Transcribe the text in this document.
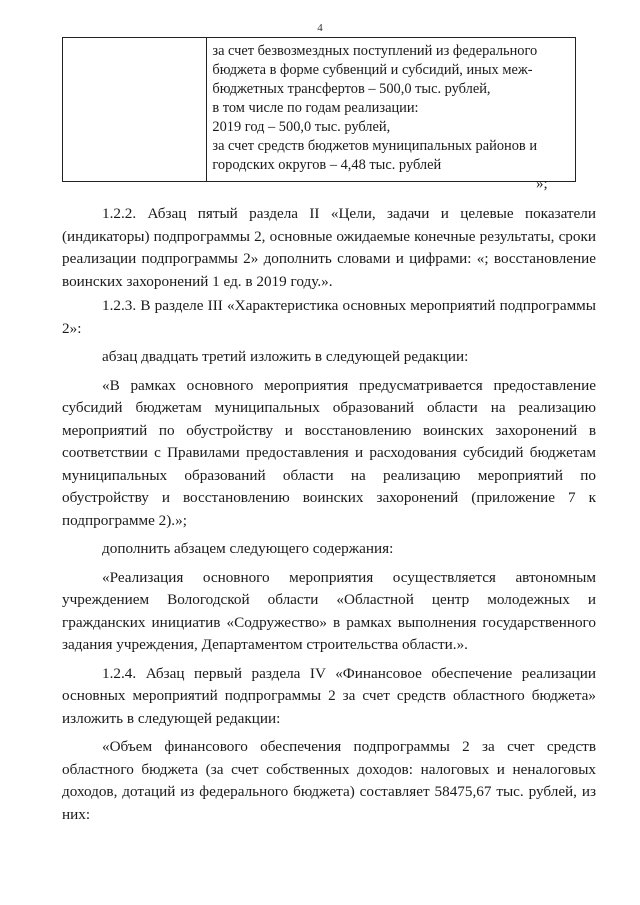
4

за счет безвозмездных поступлений из федерального
бюджета в форме субвенций и субсидий, иных меж-
бюджетных трансфертов – 500,0 тыс. рублей,
в том числе по годам реализации:
2019 год – 500,0 тыс. рублей,
за счет средств бюджетов муниципальных районов и
городских округов – 4,48 тыс. рублей
»;

1.2.2. Абзац пятый раздела II «Цели, задачи и целевые показатели (индикаторы) подпрограммы 2, основные ожидаемые конечные результаты, сроки реализации подпрограммы 2» дополнить словами и цифрами: «; восстановление воинских захоронений 1 ед. в 2019 году.».

1.2.3. В разделе III «Характеристика основных мероприятий подпрограммы 2»:

абзац двадцать третий изложить в следующей редакции:

«В рамках основного мероприятия предусматривается предоставление субсидий бюджетам муниципальных образований области на реализацию мероприятий по обустройству и восстановлению воинских захоронений в соответствии с Правилами предоставления и расходования субсидий бюджетам муниципальных образований области на реализацию мероприятий по обустройству и восстановлению воинских захоронений (приложение 7 к подпрограмме 2).»;

дополнить абзацем следующего содержания:

«Реализация основного мероприятия осуществляется автономным учреждением Вологодской области «Областной центр молодежных и гражданских инициатив «Содружество» в рамках выполнения государственного задания учреждения, Департаментом строительства области.».

1.2.4. Абзац первый раздела IV «Финансовое обеспечение реализации основных мероприятий подпрограммы 2 за счет средств областного бюджета» изложить в следующей редакции:

«Объем финансового обеспечения подпрограммы 2 за счет средств областного бюджета (за счет собственных доходов: налоговых и неналоговых доходов, дотаций из федерального бюджета) составляет 58475,67 тыс. рублей, из них:
